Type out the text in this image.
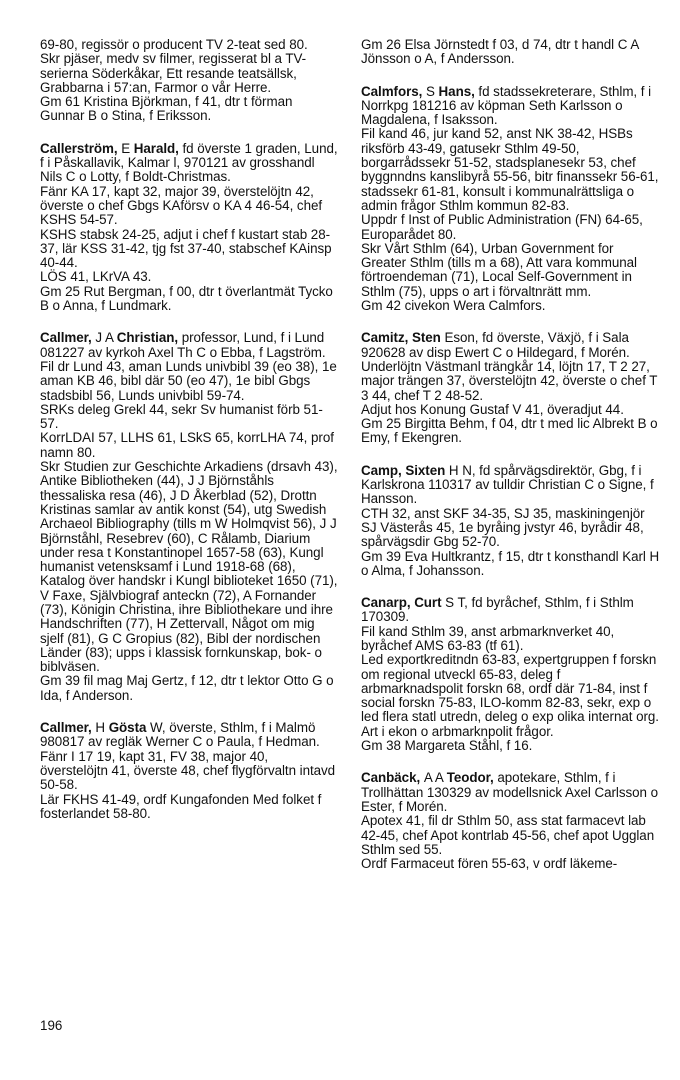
69-80, regissör o producent TV 2-teat sed 80.

Skr pjäser, medv sv filmer, regisserat bl a TV-serierna Söderkåkar, Ett resande teatsällsk, Grabbarna i 57:an, Farmor o vår Herre.

Gm 61 Kristina Björkman, f 41, dtr t förman Gunnar B o Stina, f Eriksson.

Callerström, E Harald, fd överste 1 graden, Lund, f i Påskallavik, Kalmar l, 970121 av grosshandl Nils C o Lotty, f Boldt-Christmas.

Fänr KA 17, kapt 32, major 39, överstelöjtn 42, överste o chef Gbgs KAförsv o KA 4 46-54, chef KSHS 54-57.

KSHS stabsk 24-25, adjut i chef f kustart stab 28-37, lär KSS 31-42, tjg fst 37-40, stabschef KAinsp 40-44.

LÖS 41, LKrVA 43.

Gm 25 Rut Bergman, f 00, dtr t överlantmät Tycko B o Anna, f Lundmark.

Callmer, J A Christian, professor, Lund, f i Lund 081227 av kyrkoh Axel Th C o Ebba, f Lagström.

Fil dr Lund 43, aman Lunds univbibl 39 (eo 38), 1e aman KB 46, bibl där 50 (eo 47), 1e bibl Gbgs stadsbibl 56, Lunds univbibl 59-74.

SRKs deleg Grekl 44, sekr Sv humanist förb 51-57.

KorrLDAI 57, LLHS 61, LSkS 65, korrLHA 74, prof namn 80.

Skr Studien zur Geschichte Arkadiens (drsavh 43), Antike Bibliotheken (44), J J Björnståhls thessaliska resa (46), J D Åkerblad (52), Drottn Kristinas samlar av antik konst (54), utg Swedish Archaeol Bibliography (tills m W Holmqvist 56), J J Björnståhl, Resebrev (60), C Rålamb, Diarium under resa t Konstantinopel 1657-58 (63), Kungl humanist vetensksamf i Lund 1918-68 (68), Katalog över handskr i Kungl biblioteket 1650 (71), V Faxe, Självbiograf anteckn (72), A Fornander (73), Königin Christina, ihre Bibliothekare und ihre Handschriften (77), H Zettervall, Något om mig sjelf (81), G C Gropius (82), Bibl der nordischen Länder (83); upps i klassisk fornkunskap, bok- o biblväsen.

Gm 39 fil mag Maj Gertz, f 12, dtr t lektor Otto G o Ida, f Anderson.

Callmer, H Gösta W, överste, Sthlm, f i Malmö 980817 av regläk Werner C o Paula, f Hedman.

Fänr I 17 19, kapt 31, FV 38, major 40, överstelöjtn 41, överste 48, chef flygförvaltn intavd 50-58.

Lär FKHS 41-49, ordf Kungafonden Med folket f fosterlandet 58-80.

Gm 26 Elsa Jörnstedt f 03, d 74, dtr t handl C A Jönsson o A, f Andersson.

Calmfors, S Hans, fd stadssekreterare, Sthlm, f i Norrkpg 181216 av köpman Seth Karlsson o Magdalena, f Isaksson.

Fil kand 46, jur kand 52, anst NK 38-42, HSBs riksförb 43-49, gatusekr Sthlm 49-50, borgarrådssekr 51-52, stadsplanesekr 53, chef byggnndns kanslibyrå 55-56, bitr finanssekr 56-61, stadssekr 61-81, konsult i kommunalrättsliga o admin frågor Sthlm kommun 82-83.

Uppdr f Inst of Public Administration (FN) 64-65, Europarådet 80.

Skr Vårt Sthlm (64), Urban Government for Greater Sthlm (tills m a 68), Att vara kommunal förtroendeman (71), Local Self-Government in Sthlm (75), upps o art i förvaltnrätt mm.

Gm 42 civekon Wera Calmfors.

Camitz, Sten Eson, fd överste, Växjö, f i Sala 920628 av disp Ewert C o Hildegard, f Morén.

Underlöjtn Västmanl trängkår 14, löjtn 17, T 2 27, major trängen 37, överstelöjtn 42, överste o chef T 3 44, chef T 2 48-52.

Adjut hos Konung Gustaf V 41, överadjut 44.

Gm 25 Birgitta Behm, f 04, dtr t med lic Albrekt B o Emy, f Ekengren.

Camp, Sixten H N, fd spårvägsdirektör, Gbg, f i Karlskrona 110317 av tulldir Christian C o Signe, f Hansson.

CTH 32, anst SKF 34-35, SJ 35, maskiningenjör SJ Västerås 45, 1e byråing jvstyr 46, byrådir 48, spårvägsdir Gbg 52-70.

Gm 39 Eva Hultkrantz, f 15, dtr t konsthandl Karl H o Alma, f Johansson.

Canarp, Curt S T, fd byråchef, Sthlm, f i Sthlm 170309.

Fil kand Sthlm 39, anst arbmarknverket 40, byråchef AMS 63-83 (tf 61).

Led exportkreditndn 63-83, expertgruppen f forskn om regional utveckl 65-83, deleg f arbmarknadspolit forskn 68, ordf där 71-84, inst f social forskn 75-83, ILO-komm 82-83, sekr, exp o led flera statl utredn, deleg o exp olika internat org.

Art i ekon o arbmarknpolit frågor.

Gm 38 Margareta Ståhl, f 16.

Canbäck, A A Teodor, apotekare, Sthlm, f i Trollhättan 130329 av modellsnick Axel Carlsson o Ester, f Morén.

Apotex 41, fil dr Sthlm 50, ass stat farmacevt lab 42-45, chef Apot kontrlab 45-56, chef apot Ugglan Sthlm sed 55.

Ordf Farmaceut fören 55-63, v ordf läkeme-

196
